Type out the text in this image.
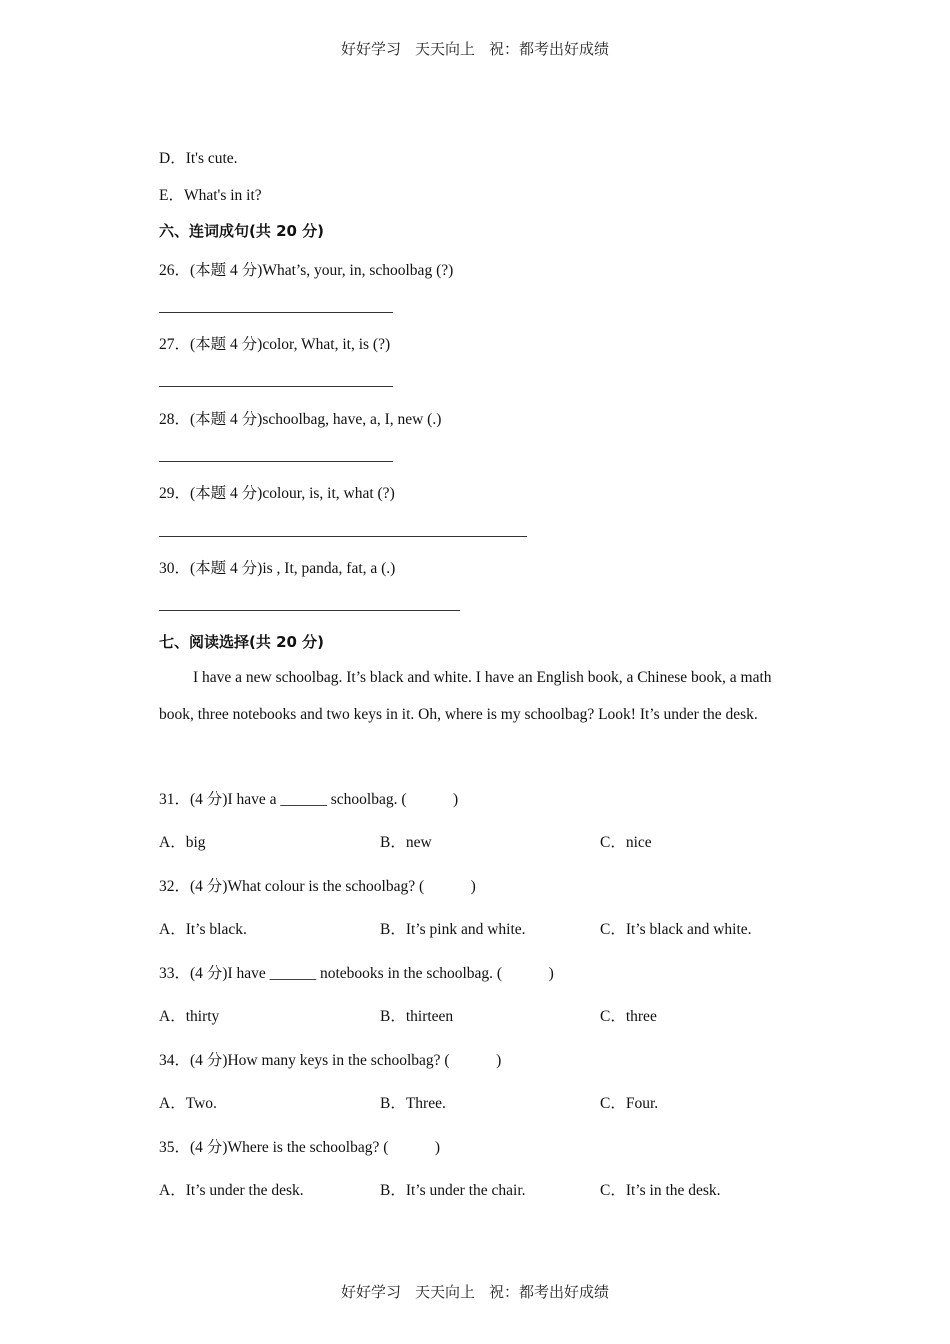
好好学习 天天向上 祝：都考出好成绩
D．It's cute.
E．What's in it?
六、连词成句(共 20 分)
26．(本题 4 分)What’s, your, in, schoolbag (?)
27．(本题 4 分)color, What, it, is (?)
28．(本题 4 分)schoolbag, have, a, I, new (.)
29．(本题 4 分)colour, is, it, what (?)
30．(本题 4 分)is , It, panda, fat, a (.)
七、阅读选择(共 20 分)
I have a new schoolbag. It’s black and white. I have an English book, a Chinese book, a math book, three notebooks and two keys in it. Oh, where is my schoolbag? Look! It’s under the desk.
31．(4 分)I have a ______ schoolbag. (　　　)
A．big	B．new	C．nice
32．(4 分)What colour is the schoolbag? (　　　)
A．It’s black.	B．It’s pink and white.	C．It’s black and white.
33．(4 分)I have ______ notebooks in the schoolbag. (　　　)
A．thirty	B．thirteen	C．three
34．(4 分)How many keys in the schoolbag? (　　　)
A．Two.	B．Three.	C．Four.
35．(4 分)Where is the schoolbag? (　　　)
A．It’s under the desk.	B．It’s under the chair.	C．It’s in the desk.
好好学习 天天向上 祝：都考出好成绩
